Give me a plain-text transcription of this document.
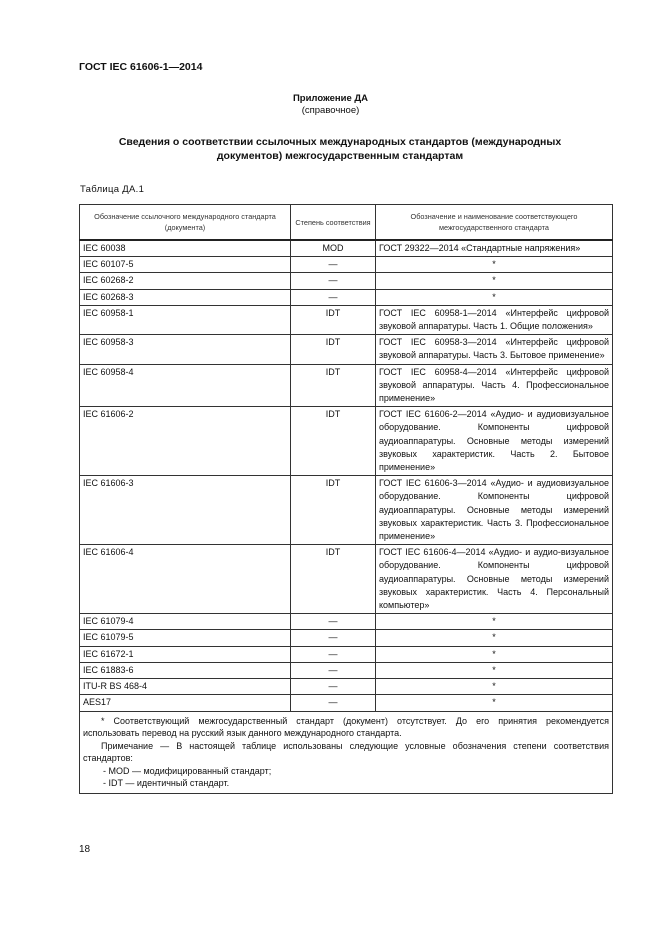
ГОСТ IEC 61606-1—2014
Приложение ДА
(справочное)
Сведения о соответствии ссылочных международных стандартов (международных документов) межгосударственным стандартам
Таблица ДА.1
Обозначение ссылочного международного стандарта (документа)	Степень соответствия	Обозначение и наименование соответствующего межгосударственного стандарта
IEC 60038	MOD	ГОСТ 29322—2014 «Стандартные напряжения»
IEC 60107-5	—	*
IEC 60268-2	—	*
IEC 60268-3	—	*
IEC 60958-1	IDT	ГОСТ IEC 60958-1—2014 «Интерфейс цифровой звуковой аппаратуры. Часть 1. Общие положения»
IEC 60958-3	IDT	ГОСТ IEC 60958-3—2014 «Интерфейс цифровой звуковой аппаратуры. Часть 3. Бытовое применение»
IEC 60958-4	IDT	ГОСТ IEC 60958-4—2014 «Интерфейс цифровой звуковой аппаратуры. Часть 4. Профессиональное применение»
IEC 61606-2	IDT	ГОСТ IEC 61606-2—2014 «Аудио- и аудиовизуальное оборудование. Компоненты цифровой аудиоаппаратуры. Основные методы измерений звуковых характеристик. Часть 2. Бытовое применение»
IEC 61606-3	IDT	ГОСТ IEC 61606-3—2014 «Аудио- и аудиовизуальное оборудование. Компоненты цифровой аудиоаппаратуры. Основные методы измерений звуковых характеристик. Часть 3. Профессиональное применение»
IEC 61606-4	IDT	ГОСТ IEC 61606-4—2014 «Аудио- и аудио-визуальное оборудование. Компоненты цифровой аудиоаппаратуры. Основные методы измерений звуковых характеристик. Часть 4. Персональный компьютер»
IEC 61079-4	—	*
IEC 61079-5	—	*
IEC 61672-1	—	*
IEC 61883-6	—	*
ITU-R BS 468-4	—	*
AES17	—	*

* Соответствующий межгосударственный стандарт (документ) отсутствует. До его принятия рекомендуется использовать перевод на русский язык данного международного стандарта.
Примечание — В настоящей таблице использованы следующие условные обозначения степени соответствия стандартов:
- MOD — модифицированный стандарт;
- IDT — идентичный стандарт.		
18
